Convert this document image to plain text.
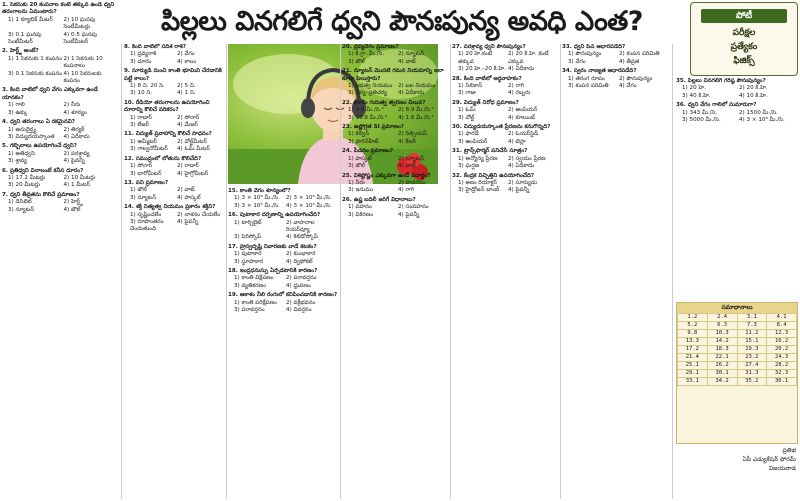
పిల్లలు వినగలిగే ధ్వని పౌనఃపున్య అవధి ఎంత?	పోటీ
పరీక్షల
ప్రత్యేకం
ఫిజిక్స్
1. సెకనుకు 20 కంపనాల కంటే తక్కువ ఉండే ధ్వని తరంగాలను ఏమంటారు?
1) 1 క్యూబిక్ మీటర్	2) 10 ఘనపు సెంటీమీటర్లు
3) 0.1 ఘనపు సెంటీమీటర్
4) 0.5 ఘనపు సెంటీమీటర్
2. హెర్ట్జ్ అంటే?
1) 1 సెకనుకు 1 కంపనం 2) 1 సెకనుకు 10 కంపనాలు
3) 0.1 సెకనుకు కంపనం 4) 10 సెకనులకు కంపనం
3. కింది వాటిలో ధ్వని వేగం ఎక్కువగా ఉండే యానకం?
1) గాలి	2) నీరు
3) ఉక్కు	4) శూన్యం
4. ధ్వని తరంగాలు ఏ రకమైనవి?
1) అనుదైర్ఘ్య	2) తిర్యక్
3) విద్యుదయస్కాంత	4) ఏదీకాదు
5. గబ్బిలాలు ఉపయోగించే ధ్వని?
1) అతిధ్వని	2) పరశ్రావ్య
3) శ్రావ్య	4) పైవన్నీ
6. ప్రతిధ్వని వినాలంటే కనీస దూరం?
1) 17.2 మీటర్లు	2) 10 మీటర్లు
3) 20 మీటర్లు	4) 1 మీటర్
7. ధ్వని తీవ్రతను కొలిచే ప్రమాణం?
1) డెసిబెల్	2) హెర్ట్జ్
3) న్యూటన్	4) జౌల్
8. కింది వాటిలో సదిశ రాశి?
1) ద్రవ్యరాశి	2) వేగం
3) దూరం	4) కాలం
9. సూర్యుడి నుంచి కాంతి భూమిని చేరడానికి పట్టే కాలం?
1) 8 ని. 20 సె.	2) 5 ని.
3) 10 ని.	4) 1 ని.
10. రేడియో తరంగాలను ఉపయోగించి దూరాన్ని కొలిచే పరికరం?
1) రాడార్	2) సోనార్
3) లేజర్	4) మేజర్
11. విద్యుత్ ప్రవాహాన్ని కొలిచే సాధనం?
1) అమ్మీటర్	2) వోల్ట్‌మీటర్
3) గాల్వనోమీటర్	4) ఓమ్ మీటర్
12. సముద్రంలో లోతును కొలిచేది?
1) సోనార్	2) రాడార్
3) బారోమీటర్	4) హైగ్రోమీటర్
13. పని ప్రమాణం?
1) జౌల్	2) వాట్
3) న్యూటన్	4) పాస్కల్
14. శక్తి నిత్యత్వ నియమం ప్రకారం శక్తిని?
1) సృష్టించలేం	2) నాశనం చేయలేం
3) రూపాంతరం చెందుతుంది
4) పైవన్నీ
15. కాంతి వేగం శూన్యంలో?
1) 3 × 10⁸ మీ./సె.	2) 3 × 10⁶ మీ./సె.
3) 3 × 10⁵ మీ./సె.	4) 3 × 10⁴ మీ./సె.
16. పుటాకార దర్పణాన్ని ఉపయోగించేది?
1) టార్చిలైట్	2) వాహనాల రియర్‌వ్యూ
3) పెరిస్కోప్	4) కెలిడోస్కోప్
17. హ్రస్వదృష్టి నివారణకు వాడే కటకం?
1) పుటాకార	2) కుంభాకార
3) స్థూపాకార	4) ద్విఫోకల్
18. ఇంద్రధనుస్సు ఏర్పడటానికి కారణం?
1) కాంతి విక్షేపణం	2) పరావర్తనం
3) వ్యతికరణం	4) ధ్రువణం
19. ఆకాశం నీలి రంగులో కనిపించడానికి కారణం?
1) కాంతి పరిక్షేపణం	2) వక్రీభవనం
3) పరావర్తనం	4) వివర్తనం
20. ద్రవ్యవేగం ప్రమాణం?
1) కి.గ్రా. మీ./సె.	2) న్యూటన్
3) జౌల్	4) వాట్
21. న్యూటన్ మొదటి గమన నియమాన్ని ఇలా కూడా పిలుస్తారు?
1) జడత్వ నియమం	2) బల నియమం
3) చర్య–ప్రతిచర్య	4) ఏదీకాదు
22. భూమి గురుత్వ త్వరణం విలువ?
1) 9.8 మీ./సె.²	2) 8.9 మీ./సె.²
3) 10.8 మీ./సె.²	4) 1.6 మీ./సె.²
23. ఉష్ణోగ్రత SI ప్రమాణం?
1) కెల్విన్	2) సెల్సియస్
3) ఫారెన్‌హీట్	4) కేలరీ
24. పీడనం ప్రమాణం?
1) పాస్కల్	2) న్యూటన్
3) జౌల్	4) వాట్
25. విశిష్టోష్ణం ఎక్కువగా ఉండే పదార్థం?
1) నీరు	2) పాదరసం
3) ఇనుము	4) రాగి
26. ఉష్ణ బదిలీ జరిగే విధానాలు?
1) వహనం	2) సంవహనం
3) వికిరణం	4) పైవన్నీ
27. పరశ్రావ్య ధ్వని పౌనఃపున్యం?
1) 20 హె.కంటే తక్కువ
2) 20 కి.హె. కంటే ఎక్కువ
3) 20 హె.–20 కి.హె. 4) ఏదీకాదు
28. కింది వాటిలో అర్ధవాహకం?
1) సిలికాన్	2) రాగి
3) గాజు	4) రబ్బరు
29. విద్యుత్ నిరోధ ప్రమాణం?
1) ఓమ్	2) ఆంపియర్
3) వోల్ట్	4) కూలుంబ్
30. విద్యుదయస్కాంత ప్రేరణను కనుగొన్నది?
1) ఫారడే	2) ఓయర్‌స్టెడ్
3) ఆంపియర్	4) టెస్లా
31. ట్రాన్స్‌ఫార్మర్ పనిచేసే సూత్రం?
1) అన్యోన్య ప్రేరణ	2) స్వయం ప్రేరణ
3) ఘర్షణ	4) ఏదీకాదు
32. కేంద్రక విచ్ఛిత్తిని ఉపయోగించేది?
1) అణు రియాక్టర్	2) సూర్యుడు
3) హైడ్రోజన్ బాంబ్	4) పైవన్నీ
33. ధ్వని పిచ్ ఆధారపడేది?
1) పౌనఃపున్యం	2) కంపన పరిమితి
3) వేగం	4) తీవ్రత
34. స్వరం నాణ్యత ఆధారపడేది?
1) తరంగ రూపం	2) పౌనఃపున్యం
3) కంపన పరిమితి	4) వేగం
35. పిల్లలు వినగలిగే గరిష్ఠ పౌనఃపున్యం?
1) 20 హె.	2) 20 కి.హె.
3) 40 కి.హె.	4) 10 కి.హె.
36. ధ్వని వేగం గాలిలో సుమారుగా?
1) 343 మీ./సె.	2) 1500 మీ./సె.
3) 5000 మీ./సె.	4) 3 × 10⁸ మీ./సె.
సమాధానాలు
1.2	2.4	3.1	4.1
5.2	6.3	7.3	8.4
9.8	10.3	11.2	12.3
13.3	14.2	15.1	16.2
17.2	18.3	19.3	20.2
21.4	22.1	23.2	24.3
25.1	26.2	27.4	28.2
29.1	30.1	31.3	32.3
33.1	34.2	35.2	36.1
ప్రతిభ
ఏపీ ఎడ్యుకేషన్ ఫోరమ్
విజయవాడ
